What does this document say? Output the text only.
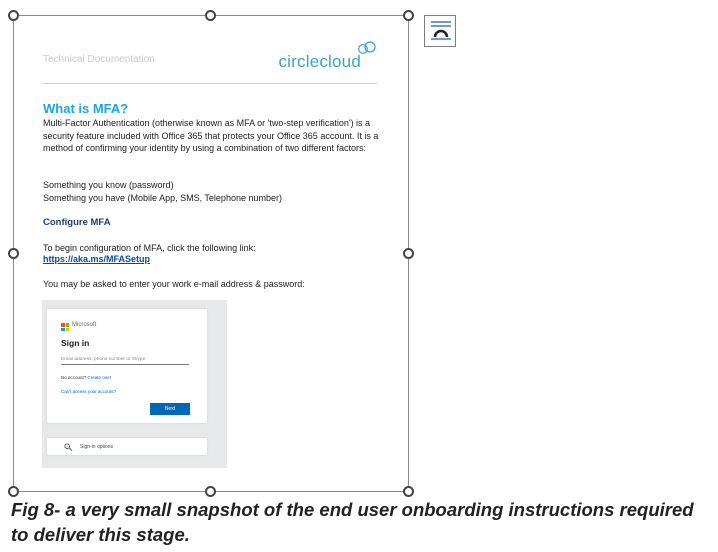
Technical Documentation	circlecloud
What is MFA?
Multi-Factor Authentication (otherwise known as MFA or 'two-step verification') is a security feature included with Office 365 that protects your Office 365 account. It is a method of confirming your identity by using a combination of two different factors:
Something you know (password)
Something you have (Mobile App, SMS, Telephone number)
Configure MFA
To begin configuration of MFA, click the following link:
https://aka.ms/MFASetup
You may be asked to enter your work e-mail address & password:
Microsoft
Sign in
Email address, phone number or Skype
No account? Create one!
Can't access your account?
Next
Sign-in options
Fig 8- a very small snapshot of the end user onboarding instructions required to deliver this stage.
